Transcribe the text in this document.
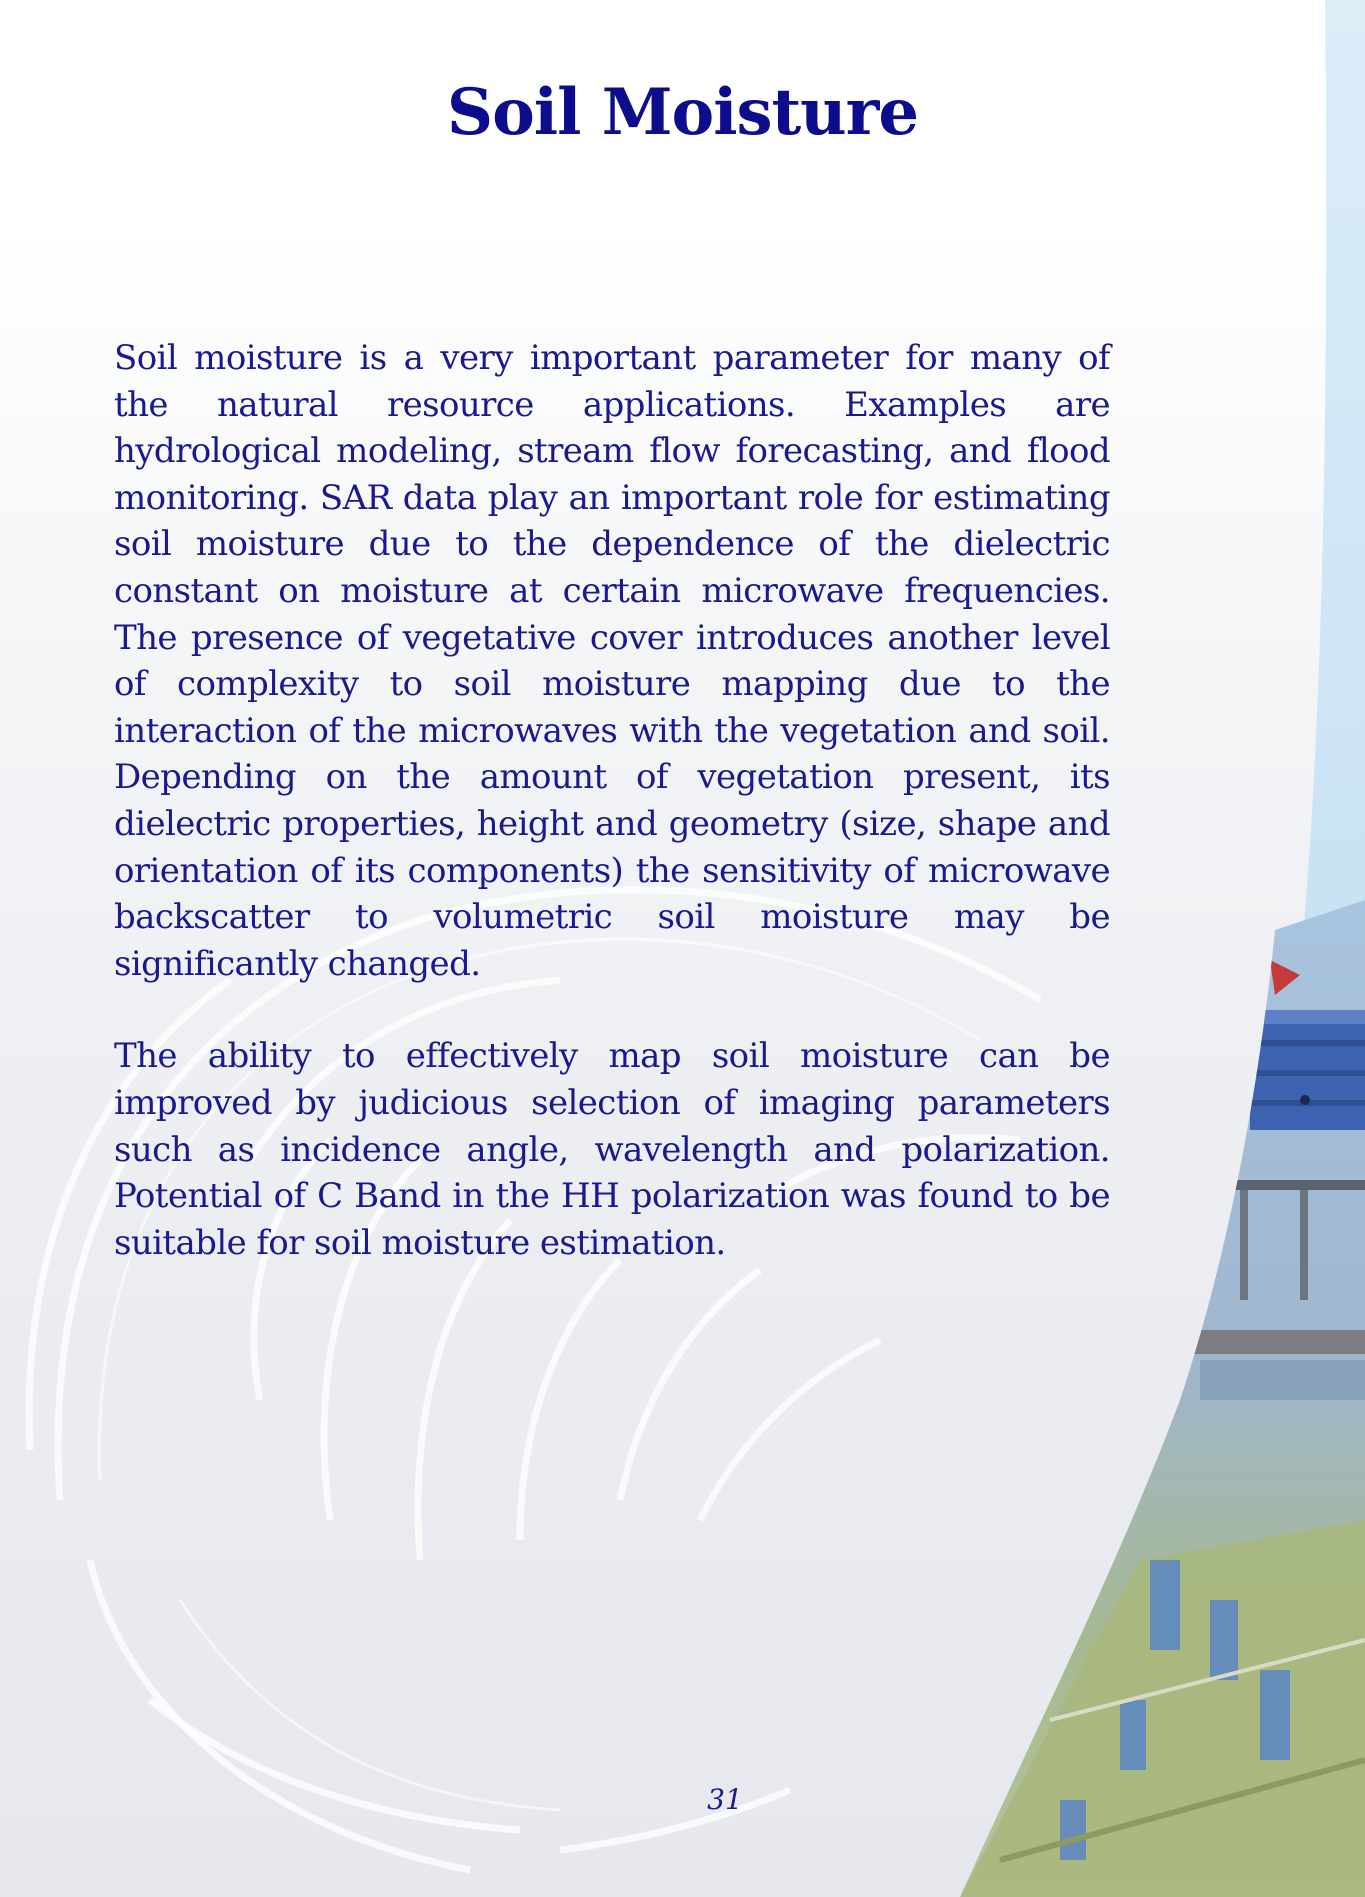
Soil Moisture

Soil moisture is a very important parameter for many of the natural resource applications. Examples are hydrological modeling, stream flow forecasting, and flood monitoring. SAR data play an important role for estimating soil moisture due to the dependence of the dielectric constant on moisture at certain microwave frequencies. The presence of vegetative cover introduces another level of complexity to soil moisture mapping due to the interaction of the microwaves with the vegetation and soil. Depending on the amount of vegetation present, its dielectric properties, height and geometry (size, shape and orientation of its components) the sensitivity of microwave backscatter to volumetric soil moisture may be significantly changed.

The ability to effectively map soil moisture can be improved by judicious selection of imaging parameters such as incidence angle, wavelength and polarization. Potential of C Band in the HH polarization was found to be suitable for soil moisture estimation.

31
